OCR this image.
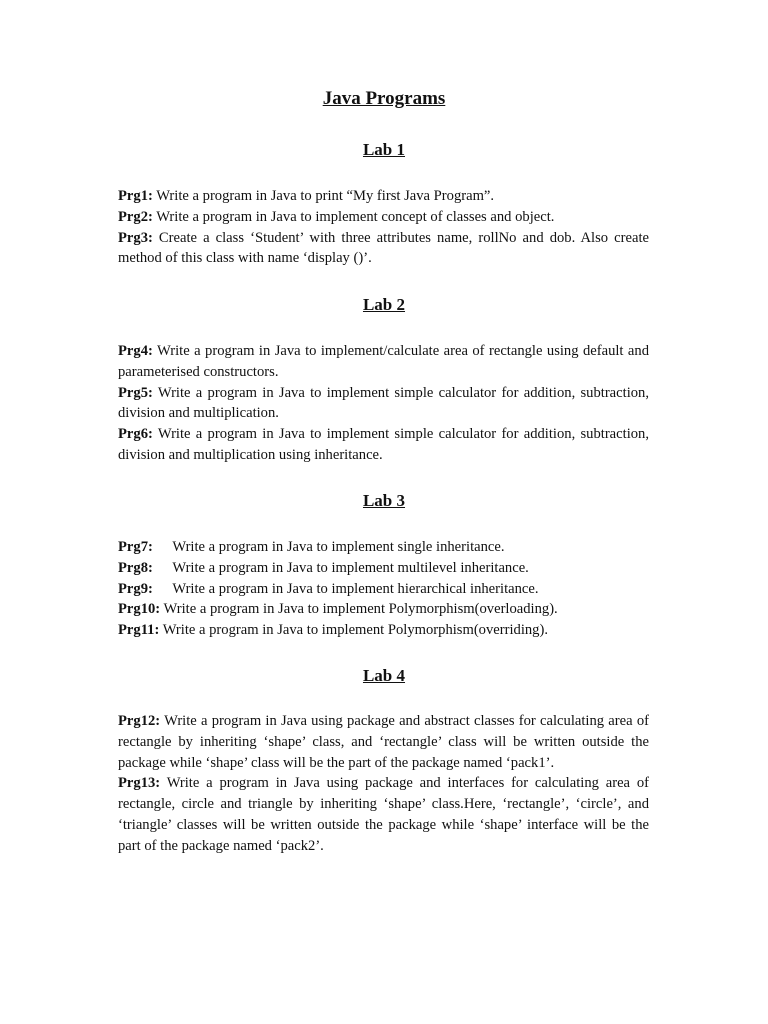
Java Programs
Lab 1

Prg1: Write a program in Java to print “My first Java Program”.

Prg2: Write a program in Java to implement concept of classes and object.

Prg3: Create a class ‘Student’ with three attributes name, rollNo and dob. Also create method of this class with name ‘display ()’.

Lab 2

Prg4: Write a program in Java to implement/calculate area of rectangle using default and parameterised constructors.

Prg5: Write a program in Java to implement simple calculator for addition, subtraction, division and multiplication.

Prg6: Write a program in Java to implement simple calculator for addition, subtraction, division and multiplication using inheritance.

Lab 3

Prg7: Write a program in Java to implement single inheritance.

Prg8: Write a program in Java to implement multilevel inheritance.

Prg9: Write a program in Java to implement hierarchical inheritance.

Prg10: Write a program in Java to implement Polymorphism(overloading).

Prg11: Write a program in Java to implement Polymorphism(overriding).

Lab 4

Prg12: Write a program in Java using package and abstract classes for calculating area of rectangle by inheriting ‘shape’ class, and ‘rectangle’ class will be written outside the package while ‘shape’ class will be the part of the package named ‘pack1’.

Prg13: Write a program in Java using package and interfaces for calculating area of rectangle, circle and triangle by inheriting ‘shape’ class.Here, ‘rectangle’, ‘circle’, and ‘triangle’ classes will be written outside the package while ‘shape’ interface will be the part of the package named ‘pack2’.
